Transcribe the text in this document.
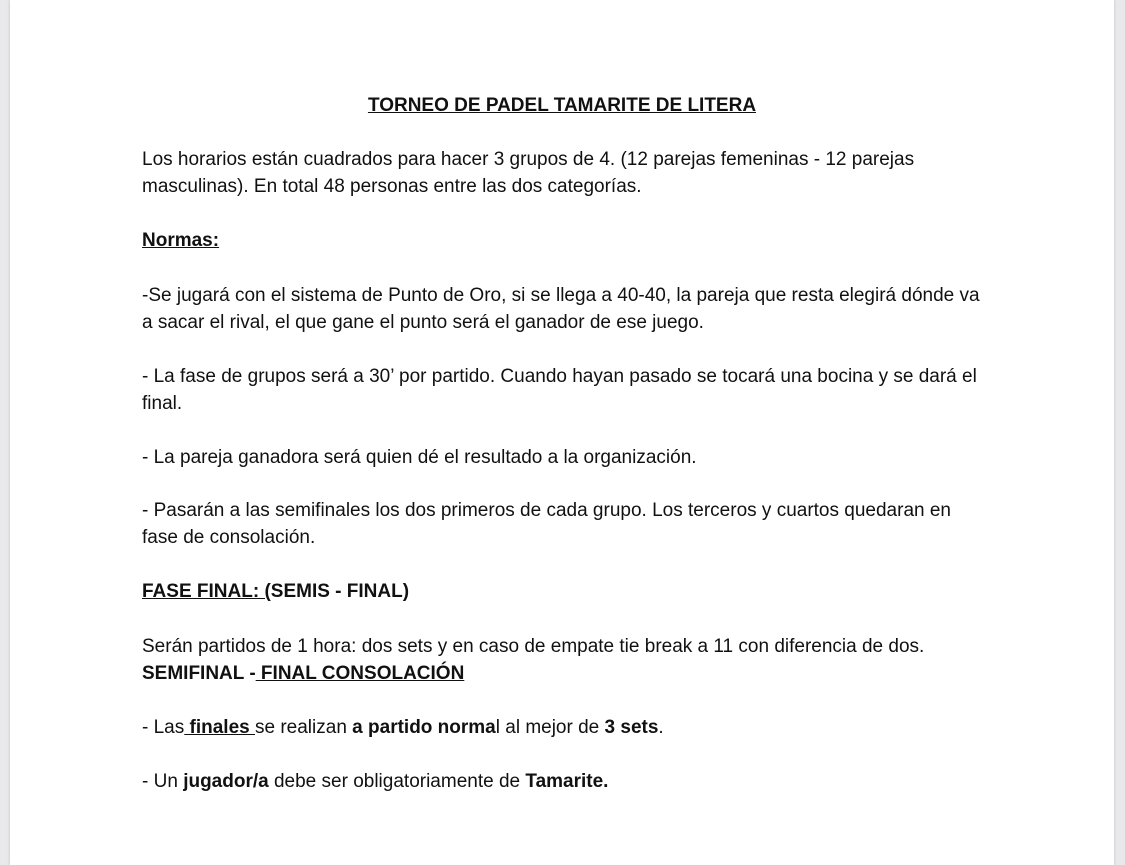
TORNEO DE PADEL TAMARITE DE LITERA

Los horarios están cuadrados para hacer 3 grupos de 4. (12 parejas femeninas - 12 parejas masculinas). En total 48 personas entre las dos categorías.

Normas:

-Se jugará con el sistema de Punto de Oro, si se llega a 40-40, la pareja que resta elegirá dónde va a sacar el rival, el que gane el punto será el ganador de ese juego.

- La fase de grupos será a 30’ por partido. Cuando hayan pasado se tocará una bocina y se dará el final.

- La pareja ganadora será quien dé el resultado a la organización.

- Pasarán a las semifinales los dos primeros de cada grupo. Los terceros y cuartos quedaran en fase de consolación.

FASE FINAL: (SEMIS - FINAL)

Serán partidos de 1 hora: dos sets y en caso de empate tie break a 11 con diferencia de dos. SEMIFINAL - FINAL CONSOLACIÓN

- Las finales se realizan a partido normal al mejor de 3 sets.

- Un jugador/a debe ser obligatoriamente de Tamarite.
